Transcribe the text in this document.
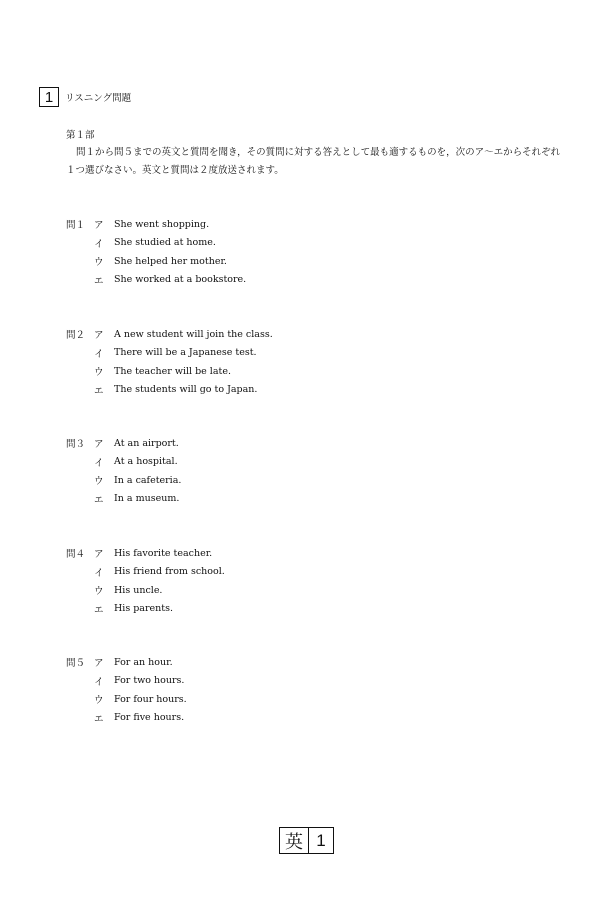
1	リスニング問題
第１部

問１から問５までの英文と質問を聞き，その質問に対する答えとして最も適するものを，次のア～エからそれぞれ１つ選びなさい。英文と質問は２度放送されます。

問１ ア	She went shopping.
イ	She studied at home.
ウ	She helped her mother.
エ	She worked at a bookstore.
問２ ア	A new student will join the class.
イ	There will be a Japanese test.
ウ	The teacher will be late.
エ	The students will go to Japan.
問３ ア	At an airport.
イ	At a hospital.
ウ	In a cafeteria.
エ	In a museum.
問４ ア	His favorite teacher.
イ	His friend from school.
ウ	His uncle.
エ	His parents.
問５ ア	For an hour.
イ	For two hours.
ウ	For four hours.
エ	For five hours.
英 1
